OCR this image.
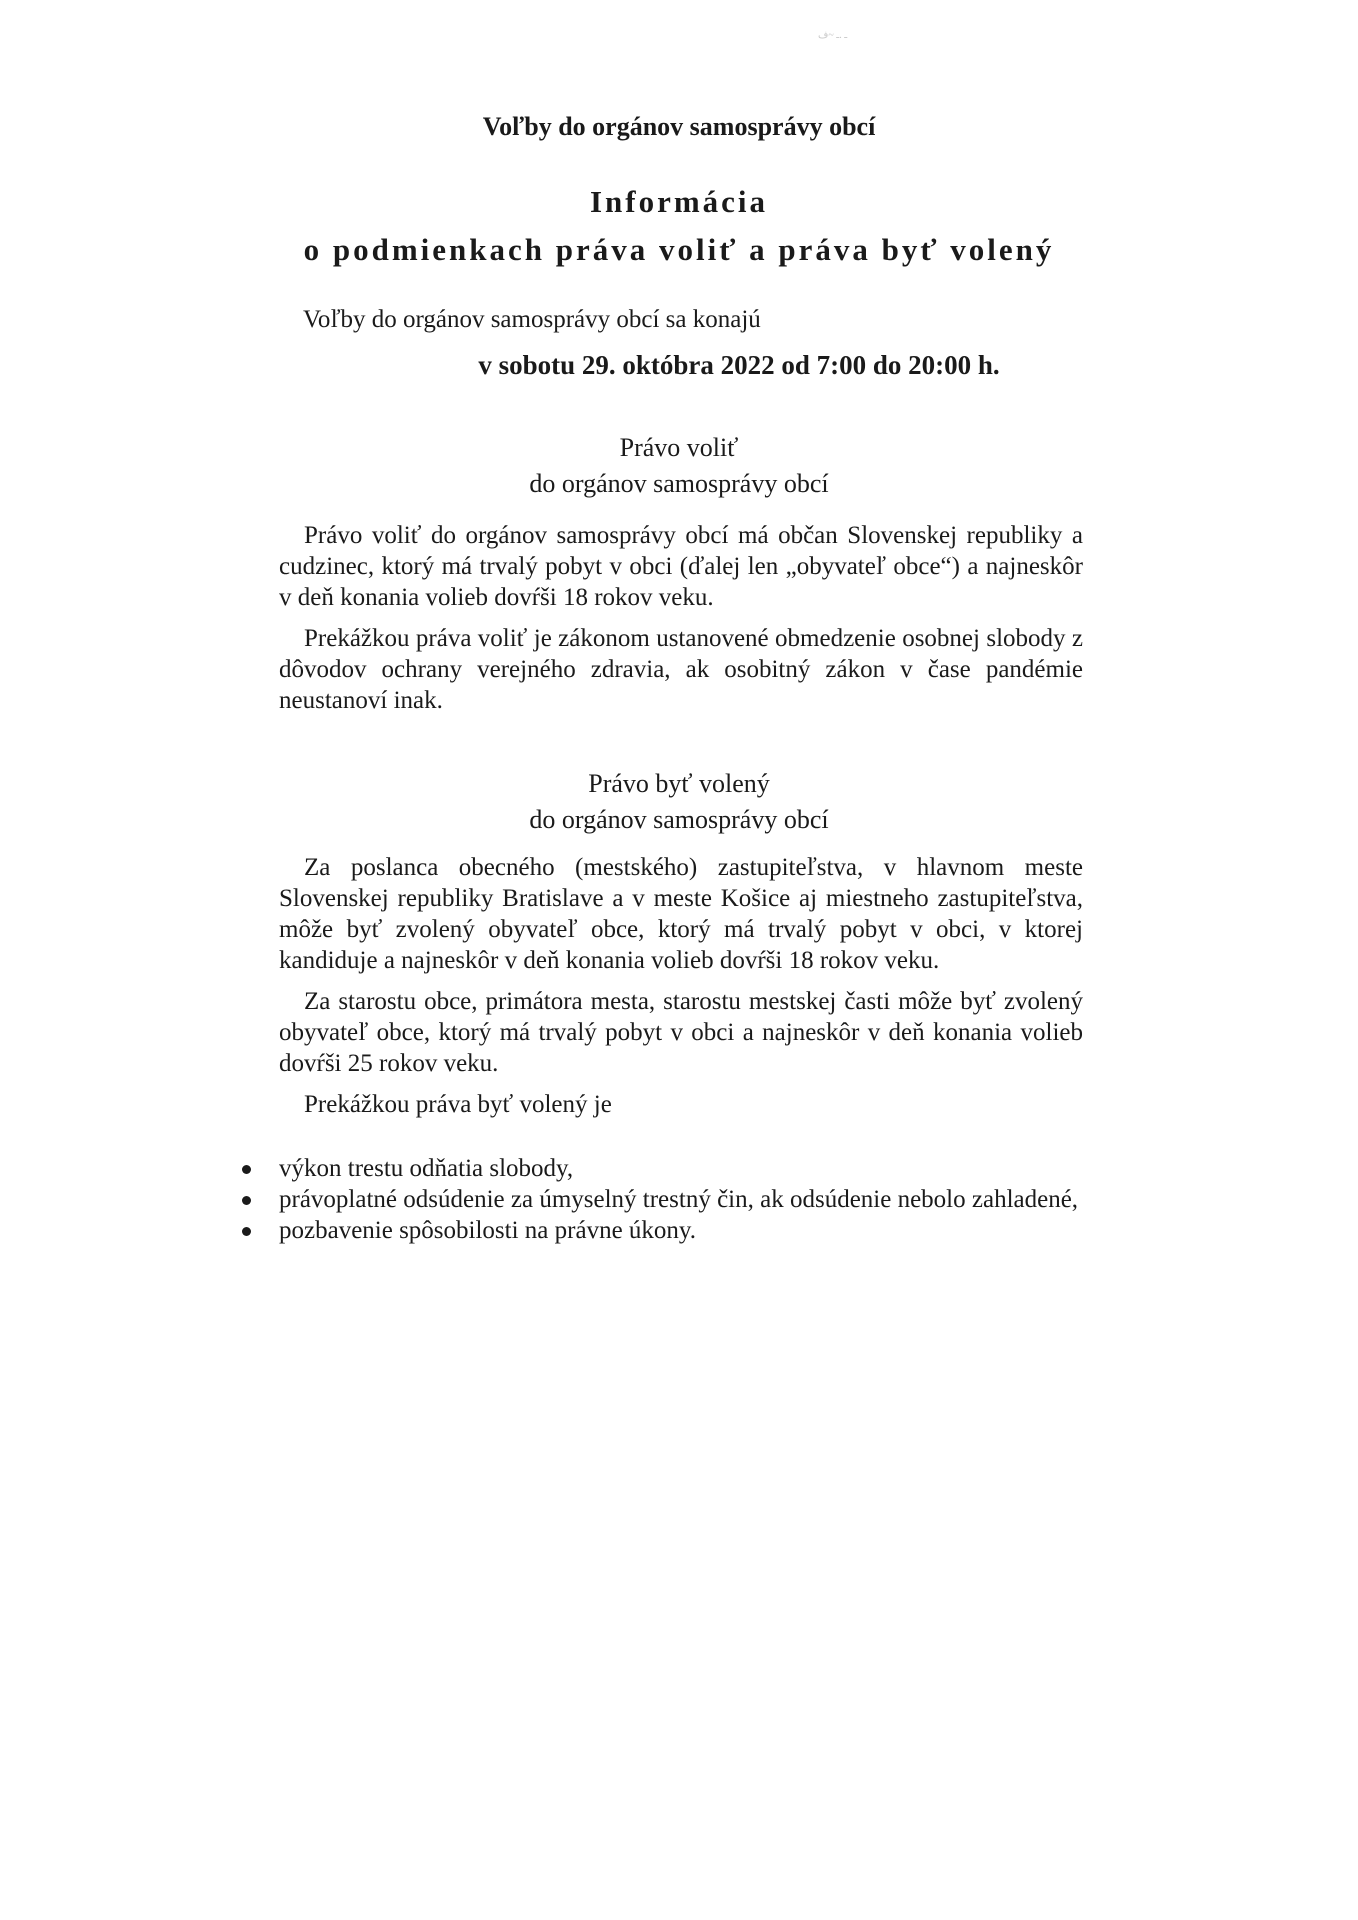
ـ .ـ ~ف
Voľby do orgánov samosprávy obcí
Informácia
o podmienkach práva voliť a práva byť volený
Voľby do orgánov samosprávy obcí sa konajú
v sobotu 29. októbra 2022 od 7:00 do 20:00 h.
Právo voliť
do orgánov samosprávy obcí

Právo voliť do orgánov samosprávy obcí má občan Slovenskej republiky a cudzinec, ktorý má trvalý pobyt v obci (ďalej len „obyvateľ obce“) a najneskôr v deň konania volieb dovŕši 18 rokov veku.

Prekážkou práva voliť je zákonom ustanovené obmedzenie osobnej slobody z dôvodov ochrany verejného zdravia, ak osobitný zákon v čase pandémie neustanoví inak.

Právo byť volený
do orgánov samosprávy obcí

Za poslanca obecného (mestského) zastupiteľstva, v hlavnom meste Slovenskej republiky Bratislave a v meste Košice aj miestneho zastupiteľstva, môže byť zvolený obyvateľ obce, ktorý má trvalý pobyt v obci, v ktorej kandiduje a najneskôr v deň konania volieb dovŕši 18 rokov veku.

Za starostu obce, primátora mesta, starostu mestskej časti môže byť zvolený obyvateľ obce, ktorý má trvalý pobyt v obci a najneskôr v deň konania volieb dovŕši 25 rokov veku.

Prekážkou práva byť volený je

výkon trestu odňatia slobody,
právoplatné odsúdenie za úmyselný trestný čin, ak odsúdenie nebolo zahladené,
pozbavenie spôsobilosti na právne úkony.
